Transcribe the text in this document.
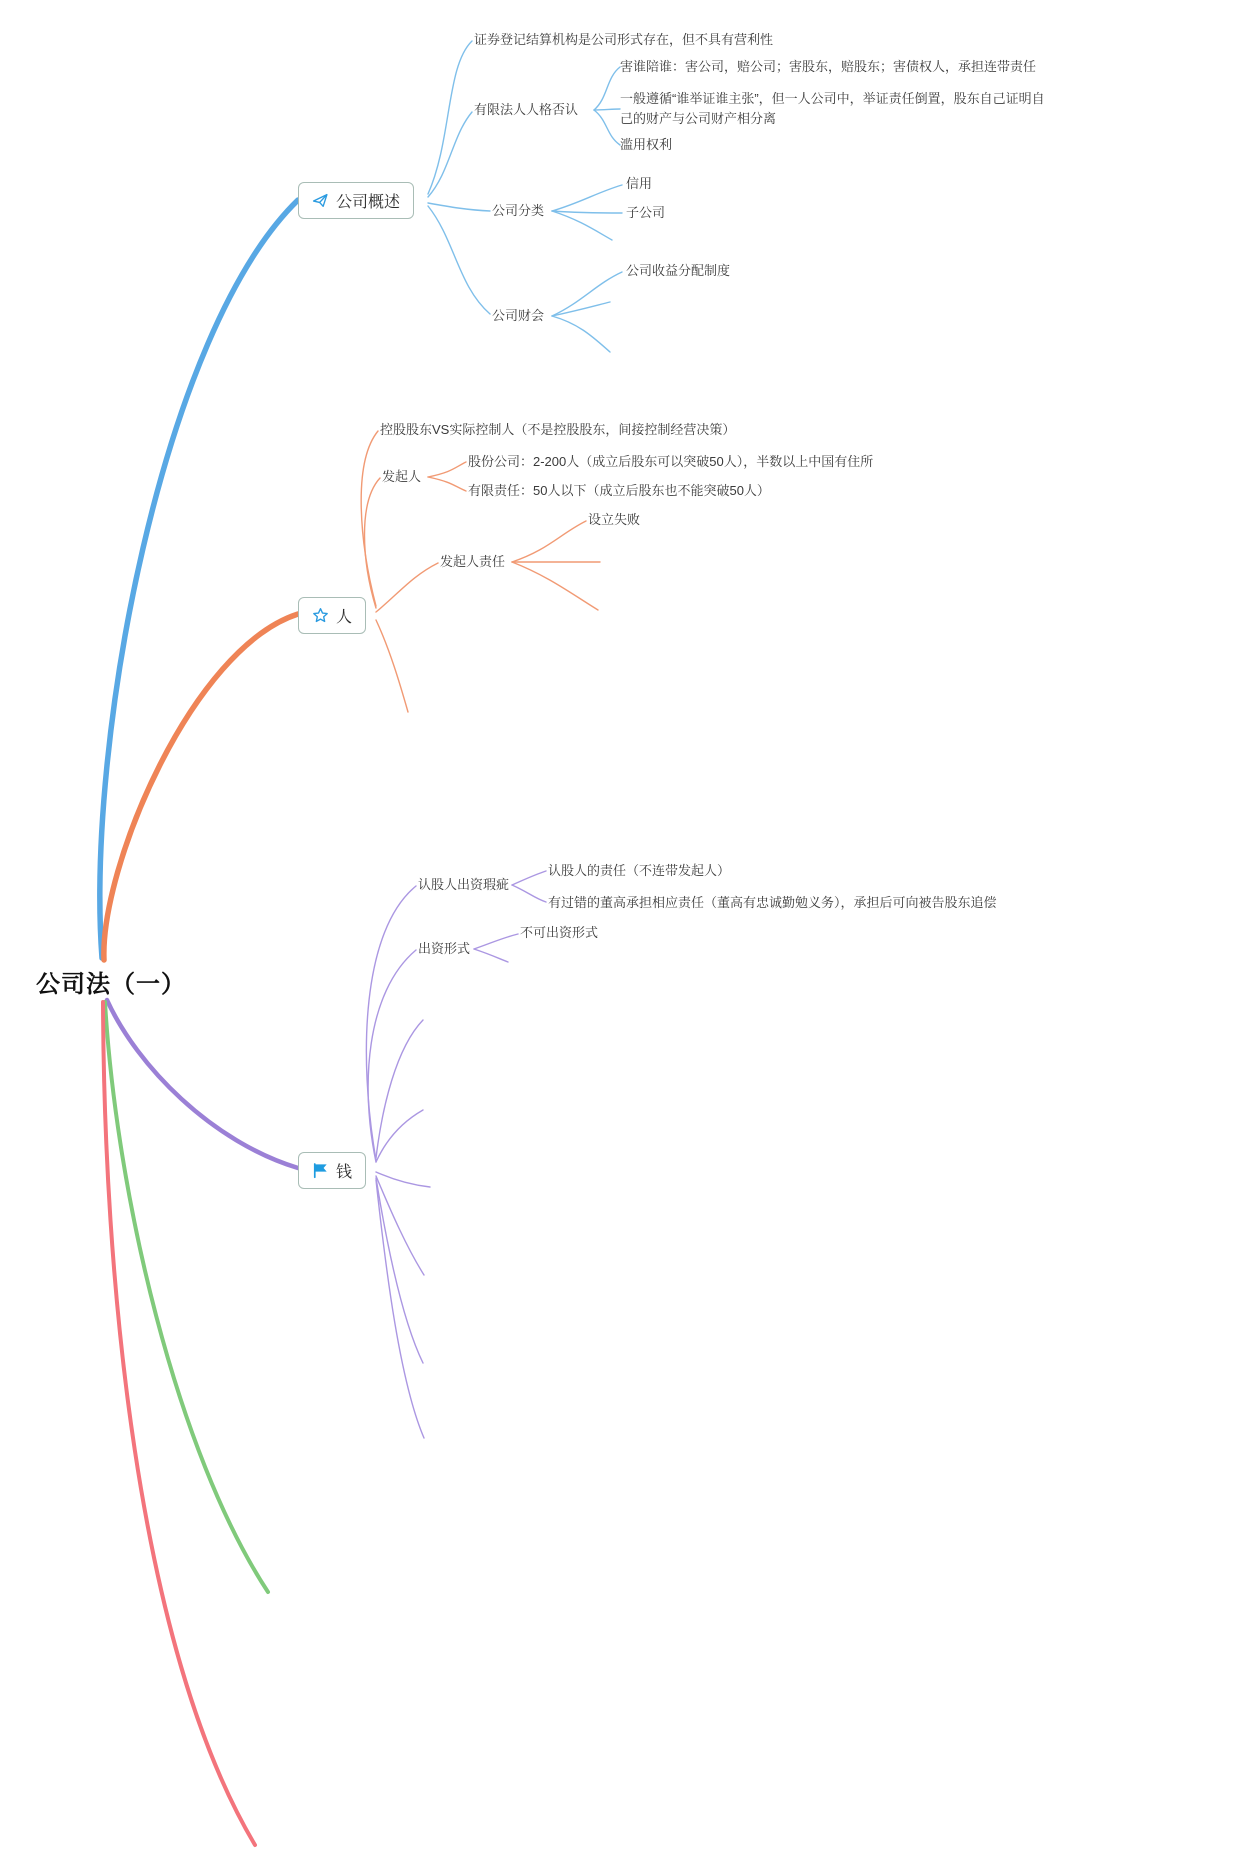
公司法（一）
公司概述
人
钱
证券登记结算机构是公司形式存在，但不具有营利性
有限法人人格否认
害谁陪谁：害公司，赔公司；害股东，赔股东；害债权人，承担连带责任
一般遵循“谁举证谁主张”，但一人公司中，举证责任倒置，股东自己证明自己的财产与公司财产相分离
滥用权利
公司分类
信用
子公司
公司财会
公司收益分配制度
控股股东VS实际控制人（不是控股股东，间接控制经营决策）
发起人
股份公司：2-200人（成立后股东可以突破50人），半数以上中国有住所
有限责任：50人以下（成立后股东也不能突破50人）
发起人责任
设立失败
认股人出资瑕疵
认股人的责任（不连带发起人）
有过错的董高承担相应责任（董高有忠诚勤勉义务），承担后可向被告股东追偿
出资形式
不可出资形式
